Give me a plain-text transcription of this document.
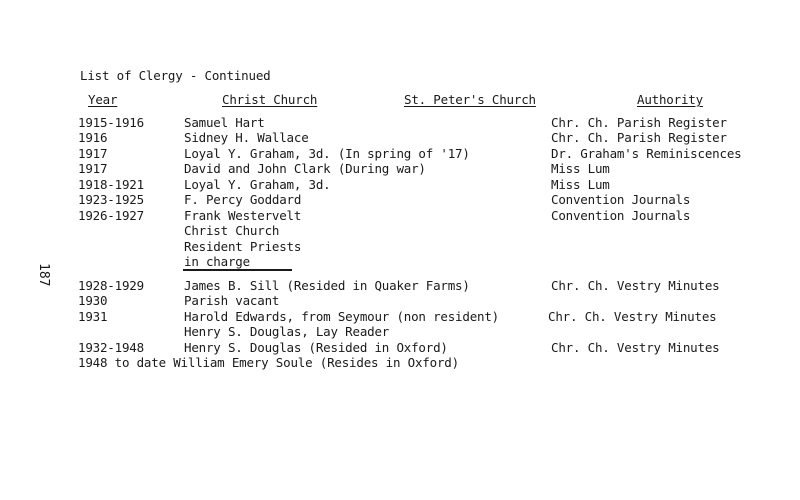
List of Clergy - Continued
Year	Christ Church	St. Peter's Church	Authority
187
1915-1916	Samuel Hart	Chr. Ch. Parish Register
1916	Sidney H. Wallace	Chr. Ch. Parish Register
1917	Loyal Y. Graham, 3d. (In spring of '17)	Dr. Graham's Reminiscences
1917	David and John Clark (During war)	Miss Lum
1918-1921	Loyal Y. Graham, 3d.	Miss Lum
1923-1925	F. Percy Goddard	Convention Journals
1926-1927	Frank Westervelt	Convention Journals
Christ Church
Resident Priests
in charge
1928-1929	James B. Sill (Resided in Quaker Farms)	Chr. Ch. Vestry Minutes
1930	Parish vacant
1931	Harold Edwards, from Seymour (non resident)	Chr. Ch. Vestry Minutes
Henry S. Douglas, Lay Reader
1932-1948	Henry S. Douglas (Resided in Oxford)	Chr. Ch. Vestry Minutes
1948 to date William Emery Soule (Resides in Oxford)
